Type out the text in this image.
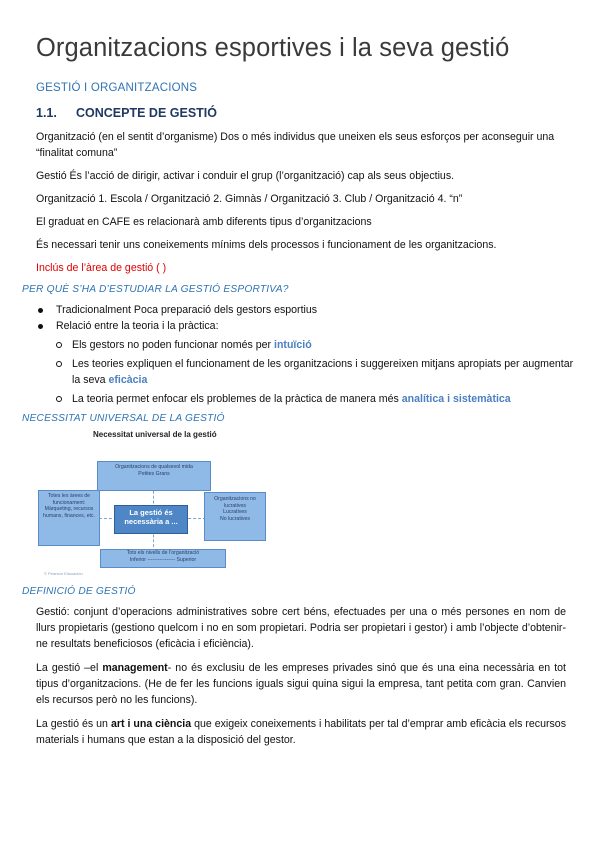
Organitzacions esportives i la seva gestió
GESTIÓ I ORGANITZACIONS
1.1. CONCEPTE DE GESTIÓ
Organització (en el sentit d’organisme) Dos o més individus que uneixen els seus esforços per aconseguir una “finalitat comuna”
Gestió És l’acció de dirigir, activar i conduir el grup (l’organització) cap als seus objectius.
Organització 1. Escola / Organització 2. Gimnàs / Organització 3. Club / Organització 4. “n”
El graduat en CAFE es relacionarà amb diferents tipus d’organitzacions
És necessari tenir uns coneixements mínims dels processos i funcionament de les organitzacions.
Inclús de l’àrea de gestió ( )
PER QUÈ S’HA D’ESTUDIAR LA GESTIÓ ESPORTIVA?
Tradicionalment Poca preparació dels gestors esportius
Relació entre la teoria i la pràctica:
Els gestors no poden funcionar només per intuïció
Les teories expliquen el funcionament de les organitzacions i suggereixen mitjans apropiats per augmentar la seva eficàcia
La teoria permet enfocar els problemes de la pràctica de manera més analítica i sistemàtica
NECESSITAT UNIVERSAL DE LA GESTIÓ
Necessitat universal de la gestió
Organitzacions de qualsevol mida
Petites Grans
Totes les àrees de funcionament: Màrqueting, recursos humans, finances, etc.	La gestió és necessària a ...
Organitzacions no lucratives
Lucratives
No lucratives
Tots els nivells de l’organització
Inferior ---------------- Superior
© Pearson Educación
DEFINICIÓ DE GESTIÓ
Gestió: conjunt d’operacions administratives sobre cert béns, efectuades per una o més persones en nom de llurs propietaris (gestiono quelcom i no en som propietari. Podria ser propietari i gestor) i amb l’objecte d’obtenir-ne resultats beneficiosos (eficàcia i eficiència).
La gestió –el management- no és exclusiu de les empreses privades sinó que és una eina necessària en tot tipus d’organitzacions. (He de fer les funcions iguals sigui quina sigui la empresa, tant petita com gran. Canvien els recursos però no les funcions).
La gestió és un art i una ciència que exigeix coneixements i habilitats per tal d’emprar amb eficàcia els recursos materials i humans que estan a la disposició del gestor.
